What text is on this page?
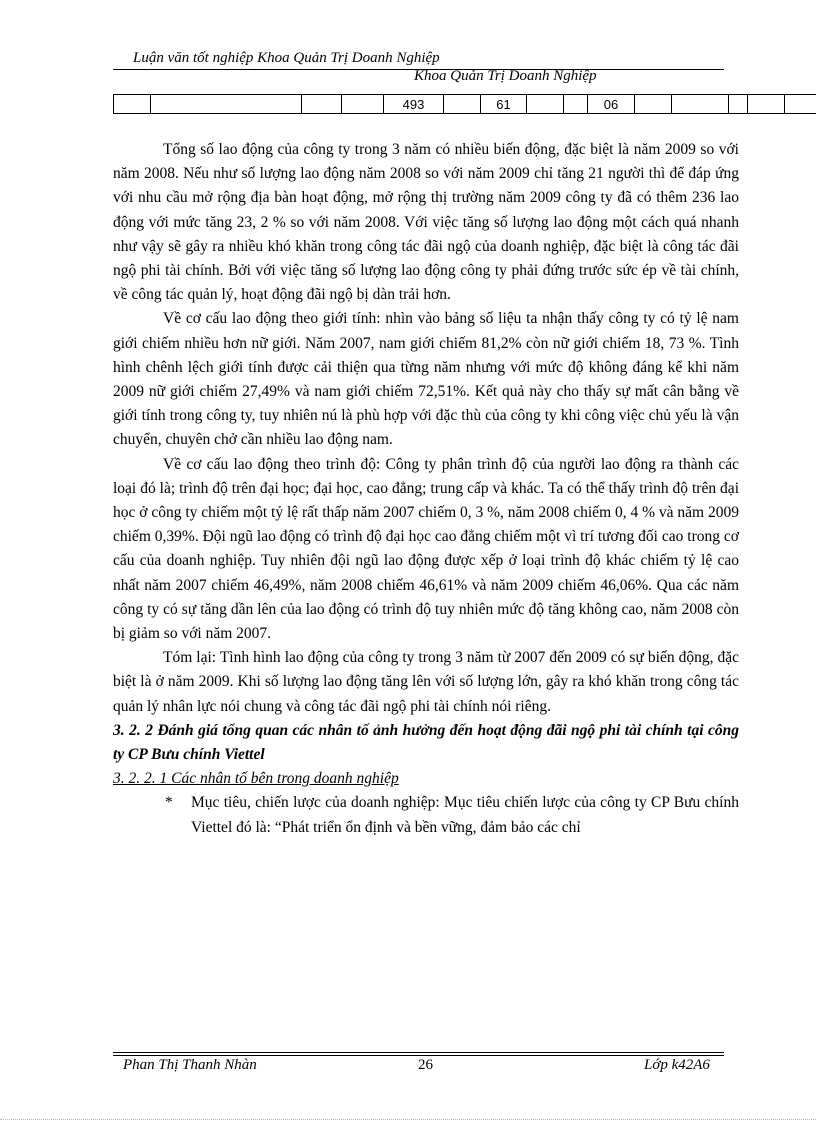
Luận văn tốt nghiệp Khoa Quản Trị Doanh Nghiệp
Khoa Quản Trị Doanh Nghiệp
				493		61			06					

Tổng số lao động của công ty trong 3 năm có nhiều biến động, đặc biệt là năm 2009 so với năm 2008. Nếu như số lượng lao động năm 2008 so với năm 2009 chỉ tăng 21 người thì để đáp ứng với nhu cầu mở rộng địa bàn hoạt động, mở rộng thị trường năm 2009 công ty đã có thêm 236 lao động với mức tăng 23, 2 % so với năm 2008. Với việc tăng số lượng lao động một cách quá nhanh như vậy sẽ gây ra nhiều khó khăn trong công tác đãi ngộ của doanh nghiệp, đặc biệt là công tác đãi ngộ phi tài chính. Bởi với việc tăng số lượng lao động công ty phải đứng trước sức ép về tài chính, về công tác quản lý, hoạt động đãi ngộ bị dàn trải hơn.

Về cơ cấu lao động theo giới tính: nhìn vào bảng số liệu ta nhận thấy công ty có tỷ lệ nam giới chiếm nhiều hơn nữ giới. Năm 2007, nam giới chiếm 81,2% còn nữ giới chiếm 18, 73 %. Tình hình chênh lệch giới tính được cải thiện qua từng năm nhưng với mức độ không đáng kể khi năm 2009 nữ giới chiếm 27,49% và nam giới chiếm 72,51%. Kết quả này cho thấy sự mất cân bằng về giới tính trong công ty, tuy nhiên nú là phù hợp với đặc thù của công ty khi công việc chủ yếu là vận chuyển, chuyên chở cần nhiều lao động nam.

Về cơ cấu lao động theo trình độ: Công ty phân trình độ của người lao động ra thành các loại đó là; trình độ trên đại học; đại học, cao đẳng; trung cấp và khác. Ta có thể thấy trình độ trên đại học ở công ty chiếm một tỷ lệ rất thấp năm 2007 chiếm 0, 3 %, năm 2008 chiếm 0, 4 % và năm 2009 chiếm 0,39%. Đội ngũ lao động có trình độ đại học cao đẳng chiếm một vì trí tương đối cao trong cơ cấu của doanh nghiệp. Tuy nhiên đội ngũ lao động được xếp ở loại trình độ khác chiếm tỷ lệ cao nhất năm 2007 chiếm 46,49%, năm 2008 chiếm 46,61% và năm 2009 chiếm 46,06%. Qua các năm công ty có sự tăng dần lên của lao động có trình độ tuy nhiên mức độ tăng không cao, năm 2008 còn bị giảm so với năm 2007.

Tóm lại: Tình hình lao động của công ty trong 3 năm từ 2007 đến 2009 có sự biến động, đặc biệt là ở năm 2009. Khi số lượng lao động tăng lên với số lượng lớn, gây ra khó khăn trong công tác quản lý nhân lực nói chung và công tác đãi ngộ phi tài chính nói riêng.

3. 2. 2 Đánh giá tổng quan các nhân tố ảnh hưởng đến hoạt động đãi ngộ phi tài chính tại công ty CP Bưu chính Viettel

3. 2. 2. 1 Các nhân tố bên trong doanh nghiệp

* Mục tiêu, chiến lược của doanh nghiệp: Mục tiêu chiến lược của công ty CP Bưu chính Viettel đó là: “Phát triển ổn định và bền vững, đảm bảo các chỉ

Phan Thị Thanh Nhàn	26	Lớp k42A6
